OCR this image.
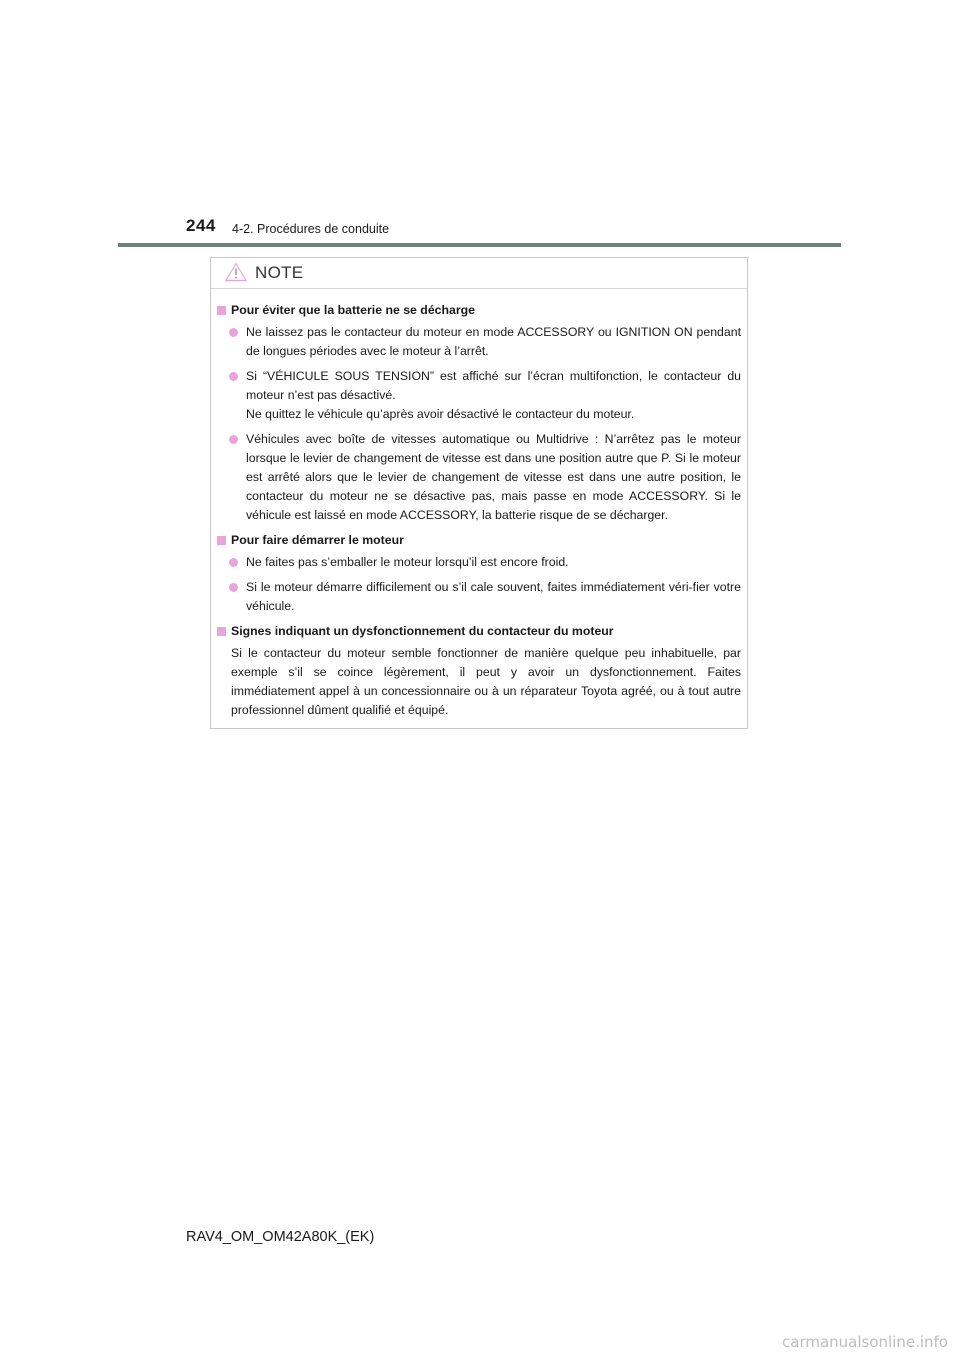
244 4-2. Procédures de conduite
NOTE
Pour éviter que la batterie ne se décharge
Ne laissez pas le contacteur du moteur en mode ACCESSORY ou IGNITION ON pendant de longues périodes avec le moteur à l’arrêt.
Si “VÉHICULE SOUS TENSION” est affiché sur l’écran multifonction, le contacteur du moteur n’est pas désactivé.
Ne quittez le véhicule qu’après avoir désactivé le contacteur du moteur.
Véhicules avec boîte de vitesses automatique ou Multidrive : N’arrêtez pas le moteur lorsque le levier de changement de vitesse est dans une position autre que P. Si le moteur est arrêté alors que le levier de changement de vitesse est dans une autre position, le contacteur du moteur ne se désactive pas, mais passe en mode ACCESSORY. Si le véhicule est laissé en mode ACCESSORY, la batterie risque de se décharger.
Pour faire démarrer le moteur
Ne faites pas s’emballer le moteur lorsqu’il est encore froid.
Si le moteur démarre difficilement ou s’il cale souvent, faites immédiatement véri-fier votre véhicule.
Signes indiquant un dysfonctionnement du contacteur du moteur
Si le contacteur du moteur semble fonctionner de manière quelque peu inhabituelle, par exemple s’il se coince légèrement, il peut y avoir un dysfonctionnement. Faites immédiatement appel à un concessionnaire ou à un réparateur Toyota agréé, ou à tout autre professionnel dûment qualifié et équipé.
RAV4_OM_OM42A80K_(EK)
carmanualsonline.info
